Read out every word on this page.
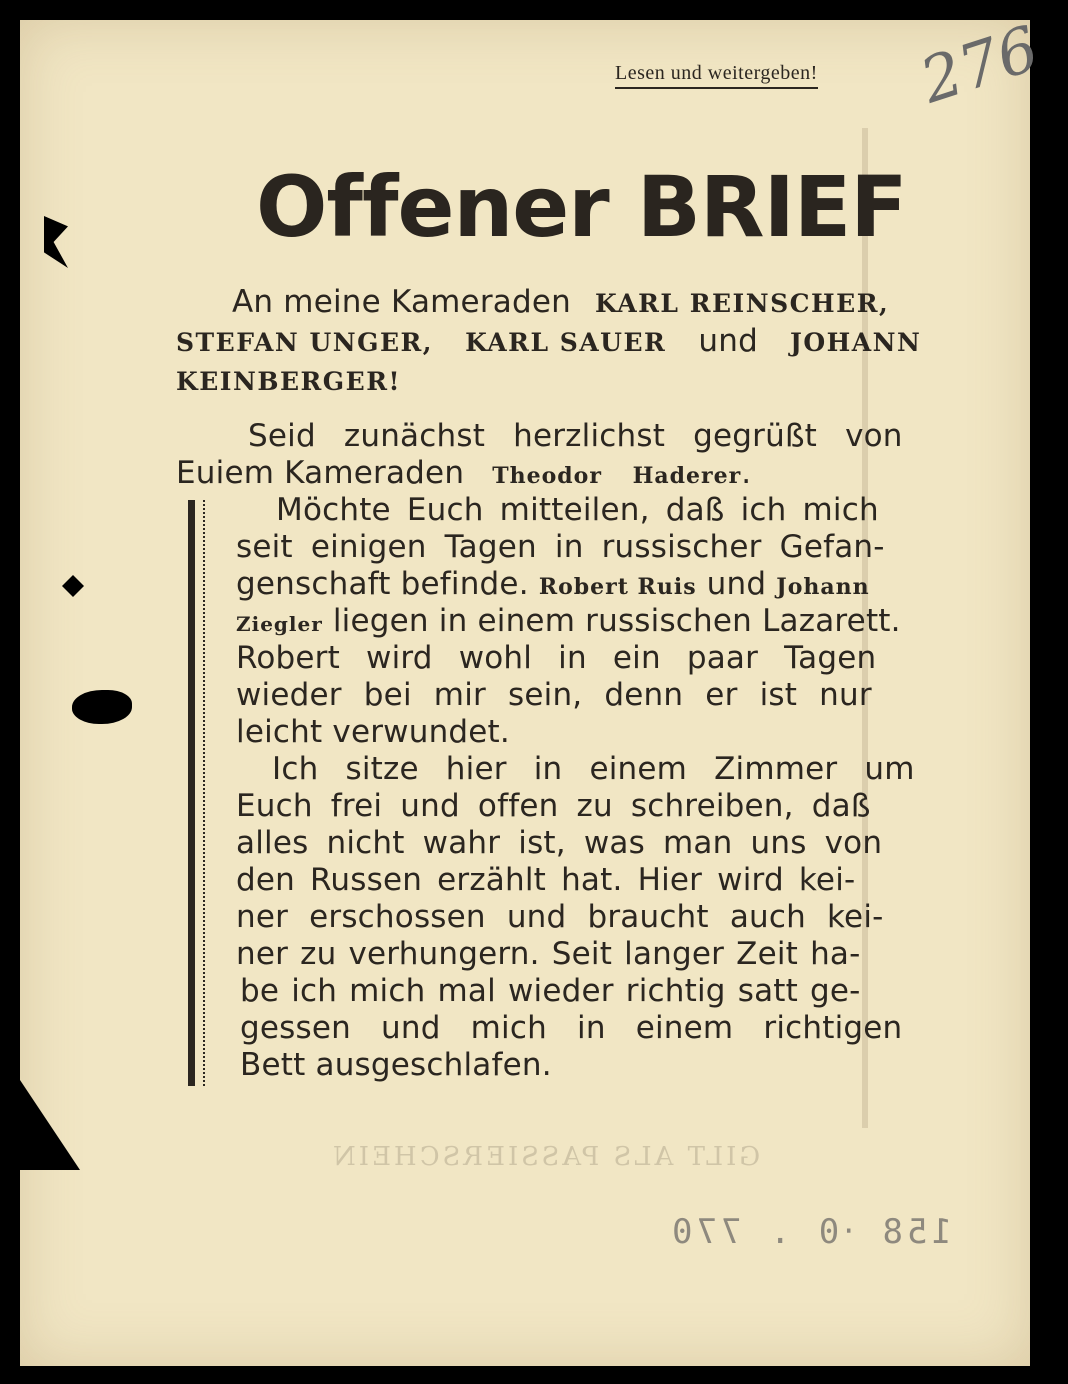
GILT ALS PASSIERSCHEIN
Lesen und weitergeben! 276
Offener BRIEF
An meine Kameraden KARL REINSCHER,
STEFAN UNGER, KARL SAUER und JOHANN
KEINBERGER!
Seid zunächst herzlichst gegrüßt von
Euiem Kameraden Theodor Haderer.
Möchte Euch mitteilen, daß ich mich
seit einigen Tagen in russischer Gefan-
genschaft befinde. Robert Ruis und Johann
Ziegler liegen in einem russischen Lazarett.
Robert wird wohl in ein paar Tagen
wieder bei mir sein, denn er ist nur
leicht verwundet.
Ich sitze hier in einem Zimmer um
Euch frei und offen zu schreiben, daß
alles nicht wahr ist, was man uns von
den Russen erzählt hat. Hier wird kei-
ner erschossen und braucht auch kei-
ner zu verhungern. Seit langer Zeit ha-
be ich mich mal wieder richtig satt ge-
gessen und mich in einem richtigen
Bett ausgeschlafen.
158 ‧0 . 770
